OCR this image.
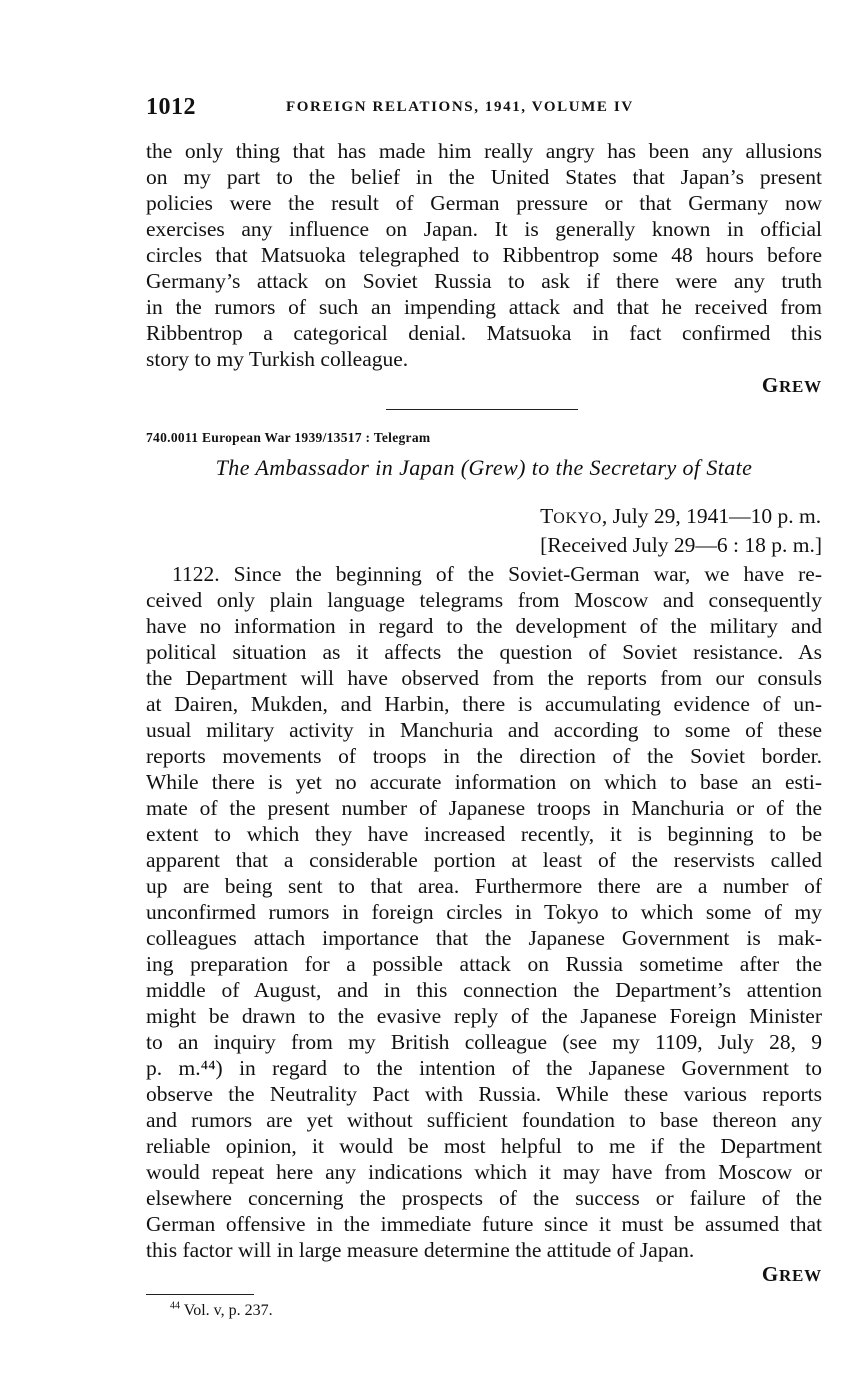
1012	FOREIGN RELATIONS, 1941, VOLUME IV
the only thing that has made him really angry has been any allusions
on my part to the belief in the United States that Japan’s present
policies were the result of German pressure or that Germany now
exercises any influence on Japan. It is generally known in official
circles that Matsuoka telegraphed to Ribbentrop some 48 hours before
Germany’s attack on Soviet Russia to ask if there were any truth
in the rumors of such an impending attack and that he received from
Ribbentrop a categorical denial. Matsuoka in fact confirmed this
story to my Turkish colleague.
GREW
740.0011 European War 1939/13517 : Telegram
The Ambassador in Japan (Grew) to the Secretary of State
TOKYO, July 29, 1941—10 p. m.
[Received July 29—6 : 18 p. m.]
1122. Since the beginning of the Soviet-German war, we have re-
ceived only plain language telegrams from Moscow and consequently
have no information in regard to the development of the military and
political situation as it affects the question of Soviet resistance. As
the Department will have observed from the reports from our consuls
at Dairen, Mukden, and Harbin, there is accumulating evidence of un-
usual military activity in Manchuria and according to some of these
reports movements of troops in the direction of the Soviet border.
While there is yet no accurate information on which to base an esti-
mate of the present number of Japanese troops in Manchuria or of the
extent to which they have increased recently, it is beginning to be
apparent that a considerable portion at least of the reservists called
up are being sent to that area. Furthermore there are a number of
unconfirmed rumors in foreign circles in Tokyo to which some of my
colleagues attach importance that the Japanese Government is mak-
ing preparation for a possible attack on Russia sometime after the
middle of August, and in this connection the Department’s attention
might be drawn to the evasive reply of the Japanese Foreign Minister
to an inquiry from my British colleague (see my 1109, July 28, 9
p. m.⁴⁴) in regard to the intention of the Japanese Government to
observe the Neutrality Pact with Russia. While these various reports
and rumors are yet without sufficient foundation to base thereon any
reliable opinion, it would be most helpful to me if the Department
would repeat here any indications which it may have from Moscow or
elsewhere concerning the prospects of the success or failure of the
German offensive in the immediate future since it must be assumed that
this factor will in large measure determine the attitude of Japan.
GREW
$^{44}$ Vol. v, p. 237.
